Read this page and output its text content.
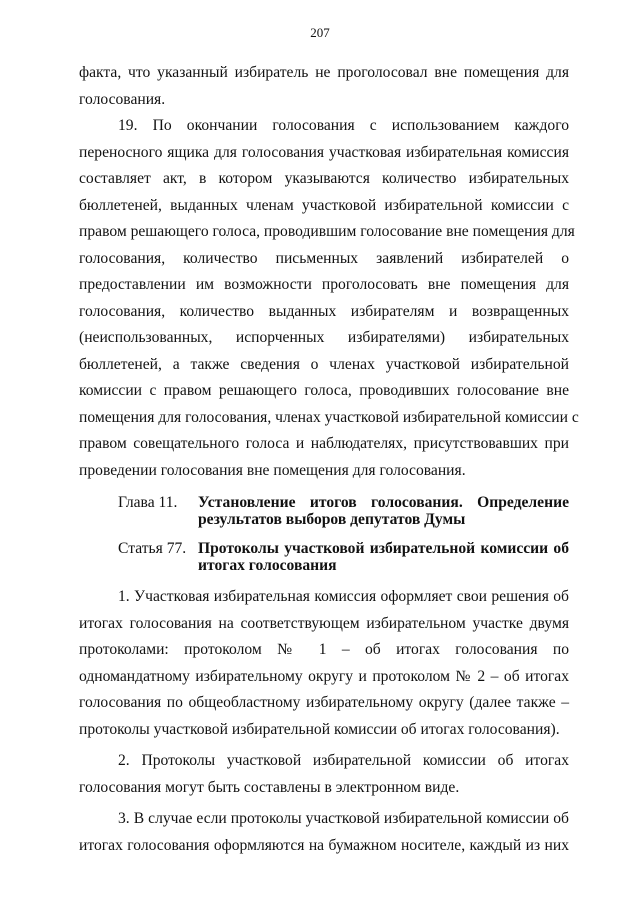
207

факта, что указанный избиратель не проголосовал вне помещения для
голосования.

19. По окончании голосования с использованием каждого
переносного ящика для голосования участковая избирательная комиссия
составляет акт, в котором указываются количество избирательных
бюллетеней, выданных членам участковой избирательной комиссии с
правом решающего голоса, проводившим голосование вне помещения для
голосования, количество письменных заявлений избирателей о
предоставлении им возможности проголосовать вне помещения для
голосования, количество выданных избирателям и возвращенных
(неиспользованных, испорченных избирателями) избирательных
бюллетеней, а также сведения о членах участковой избирательной
комиссии с правом решающего голоса, проводивших голосование вне
помещения для голосования, членах участковой избирательной комиссии с
правом совещательного голоса и наблюдателях, присутствовавших при
проведении голосования вне помещения для голосования.

Глава 11.	Установление итогов голосования. Определение
результатов выборов депутатов Думы
Статья 77. Протоколы участковой избирательной комиссии об
итогах голосования

1. Участковая избирательная комиссия оформляет свои решения об
итогах голосования на соответствующем избирательном участке двумя
протоколами: протоколом № 1 – об итогах голосования по
одномандатному избирательному округу и протоколом № 2 – об итогах
голосования по общеобластному избирательному округу (далее также –
протоколы участковой избирательной комиссии об итогах голосования).

2. Протоколы участковой избирательной комиссии об итогах
голосования могут быть составлены в электронном виде.

3. В случае если протоколы участковой избирательной комиссии об
итогах голосования оформляются на бумажном носителе, каждый из них
